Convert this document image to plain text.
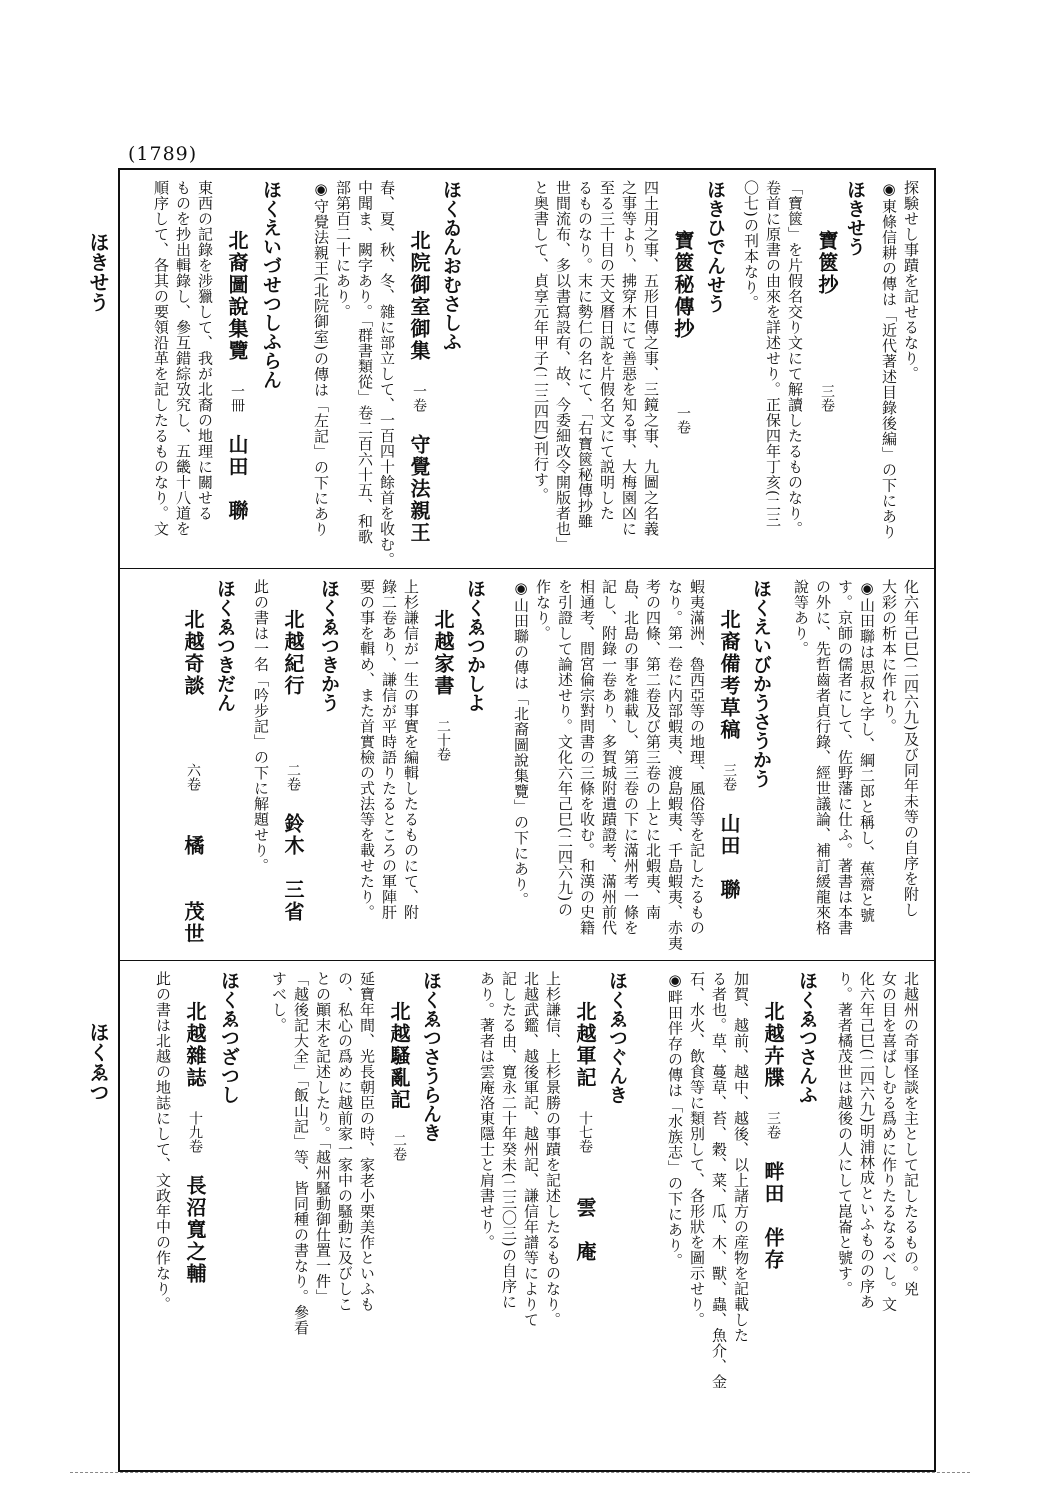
(1789)
ほきせう
ほくゑつ
探験せし事蹟を記せるなり。
◉東條信耕の傳は「近代著述目錄後編」の下にあり
ほきせう
寶篋抄　　　　三卷
「寶篋」を片假名交り文にて解讀したるものなり。
卷首に原書の由來を詳述せり。正保四年丁亥(二三
〇七)の刊本なり。
ほきひでんせう
寶篋秘傳抄　　　一卷
四土用之事、五形日傳之事、三鏡之事、九圖之名義
之事等より、拂穿木にて善惡を知る事、大梅園凶に
至る三十目の天文曆日説を片假名文にて説明した
るものなり。末に勢仁の名にて、「右寶篋秘傳抄雖
世間流布、多以書寫設有、故、今委細改令開版者也」
と奥書して、貞享元年甲子(二三四四)刊行す。
ほくゐんおむさしふ
北院御室御集　一卷　守覺法親王
春、夏、秋、冬、雜に部立して、一百四十餘首を收む。
中聞ま、闕字あり。「群書類從」卷二百六十五、和歌
部第百二十にあり。
◉守覺法親王(北院御室)の傳は「左記」の下にあり
ほくえいづせつしふらん
北裔圖說集覽　一冊　山田　聯
東西の記錄を涉獵して、我が北裔の地理に關せる
ものを抄出輯錄し、參互錯綜攷究し、五畿十八道を
順序して、各其の要領沿革を記したるものなり。文
化六年己巳(二四六九)及び同年未等の自序を附し
大彩の析本に作れり。
◉山田聯は思叔と字し、綱二郎と稱し、蕉齋と號
す。京師の儒者にして、佐野藩に仕ふ。著書は本書
の外に、先哲齒者貞行錄、經世議論、補訂緩龍來格
說等あり。
ほくえいびかうさうかう
北裔備考草稿　三卷　山田　聯
蝦夷滿洲、魯西亞等の地理、風俗等を記したるもの
なり。第一卷に内部蝦夷、渡島蝦夷、千島蝦夷、赤夷
考の四條、第二卷及び第三卷の上とに北蝦夷、南
島、北島の事を雜載し、第三卷の下に滿州考一條を
記し、附錄一卷あり、多賀城附遺蹟證考、滿州前代
相通考、間宮倫宗對問書の三條を收む。和漢の史籍
を引證して論述せり。文化六年己巳(二四六九)の
作なり。
◉山田聯の傳は「北裔圖說集覽」の下にあり。
ほくゑつかしよ
北越家書　二十卷
上杉謙信が一生の事實を編輯したるものにて、附
錄二卷あり、謙信が平時語りたるところの軍陣肝
要の事を輯め、また首實檢の式法等を載せたり。
ほくゑつきかう
北越紀行　　　二卷　鈴木　三省
此の書は一名「吟步記」の下に解題せり。
ほくゑつきだん
北越奇談　　　六卷　　橘　　茂世
北越州の奇事怪談を主として記したるもの。兇
女の目を喜ばしむる爲めに作りたるなるべし。文
化六年己巳(二四六九)明浦林成といふものの序あ
り。著者橘茂世は越後の人にして崑崙と號す。
ほくゑつさんふ
北越卉牒　三卷　畔田　伴存
加賀、越前、越中、越後、以上諸方の産物を記載した
る者也。草、蔓草、苔、穀、菜、瓜、木、獸、蟲、魚介、金
石、水火、飲食等に類別して、各形狀を圖示せり。
◉畔田伴存の傳は「水族志」の下にあり。
ほくゑつぐんき
北越軍記　十七卷　　雲　庵
上杉謙信、上杉景勝の事蹟を記述したるものなり。
北越武鑑、越後軍記、越州記、謙信年譜等によりて
記したる由、寛永二十年癸未(二三〇三)の自序に
あり。著者は雲庵洛東隱士と肩書せり。
ほくゑつさうらんき
北越騷亂記　二卷
延寶年間、光長朝臣の時、家老小栗美作といふも
の、私心の爲めに越前家一家中の騷動に及びしこ
との顚末を記述したり。「越州騷動御仕置一件」
「越後記大全」「飯山記」等、皆同種の書なり。參看
すべし。
ほくゑつざつし
北越雜誌　十九卷　長沼寬之輔
此の書は北越の地誌にして、文政年中の作なり。
